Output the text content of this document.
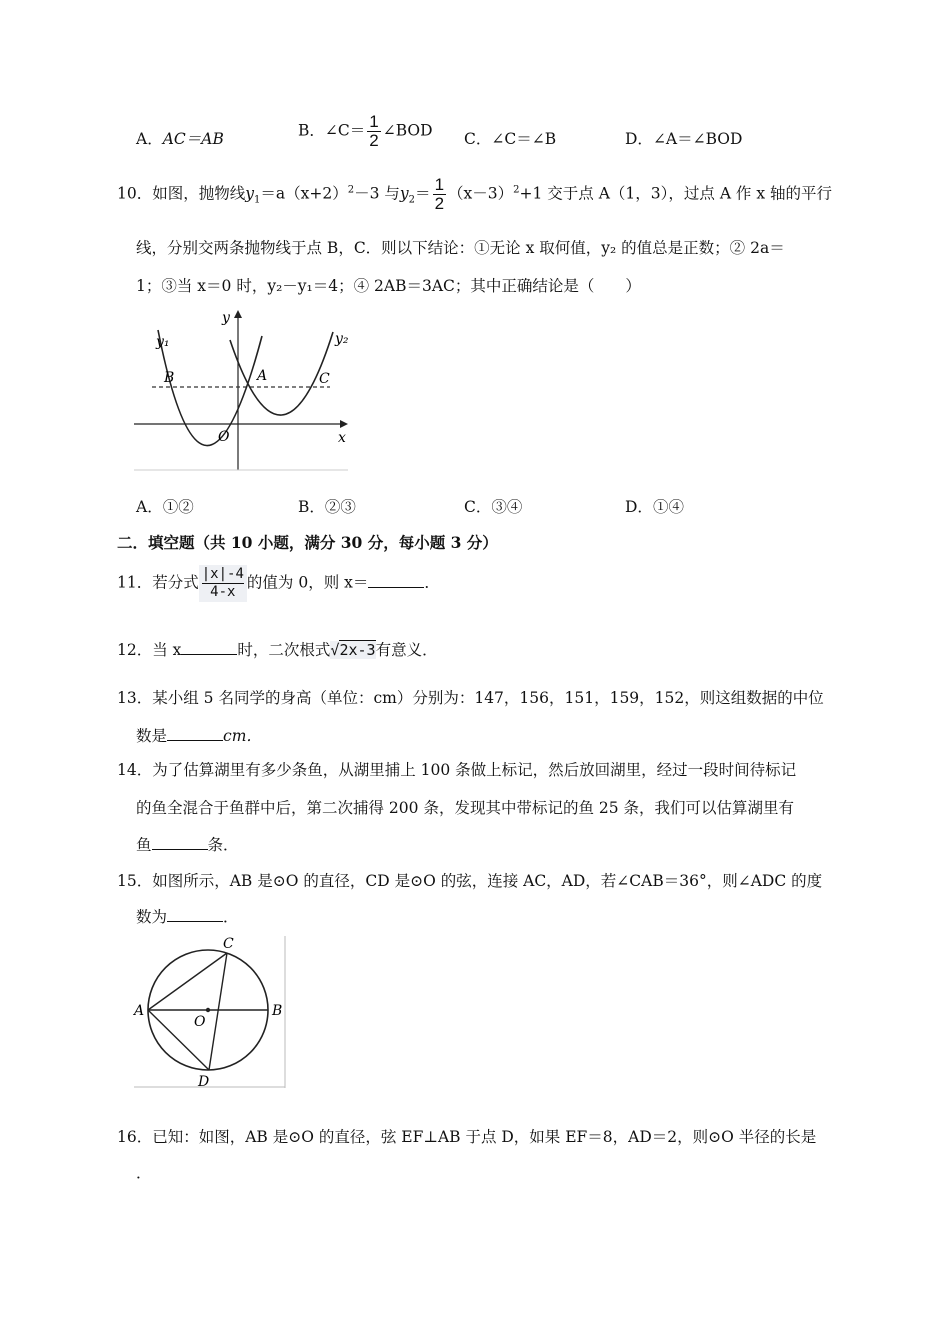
A．AC＝AB	B．∠C＝ $\frac{1}{2}$ ∠BOD C．∠C＝∠B	D．∠A＝∠BOD
10．如图，抛物线$y_1=a(x+2)^2-3$ 与$y_2= \frac{1}{2} (x-3)^2+1$ 交于点 A（1，3），过点 A 作 x 轴的平行
线，分别交两条抛物线于点 B，C．则以下结论：①无论 x 取何值，y₂ 的值总是正数；② 2a＝
1；③当 x＝0 时，y₂－y₁＝4；④ 2AB＝3AC；其中正确结论是（　　）
y₁	y₂
y
x
B	A	C
O
A．①②	B．②③	C．③④	D．①④
二．填空题（共 10 小题，满分 30 分，每小题 3 分）
11．若分式 $\frac{|x|-4}{4-x}$的值为 0，则 x＝	．
12．当 x	时，二次根式√2x-3有意义．
13．某小组 5 名同学的身高（单位：cm）分别为：147，156，151，159，152，则这组数据的中位
数是	cm．
14．为了估算湖里有多少条鱼，从湖里捕上 100 条做上标记，然后放回湖里，经过一段时间待标记
的鱼全混合于鱼群中后，第二次捕得 200 条，发现其中带标记的鱼 25 条，我们可以估算湖里有
鱼	条．
15．如图所示，AB 是⊙O 的直径，CD 是⊙O 的弦，连接 AC，AD，若∠CAB＝36°，则∠ADC 的度
数为	．
A	B
C
D
O
16．已知：如图，AB 是⊙O 的直径，弦 EF⊥AB 于点 D，如果 EF＝8，AD＝2，则⊙O 半径的长是
．
